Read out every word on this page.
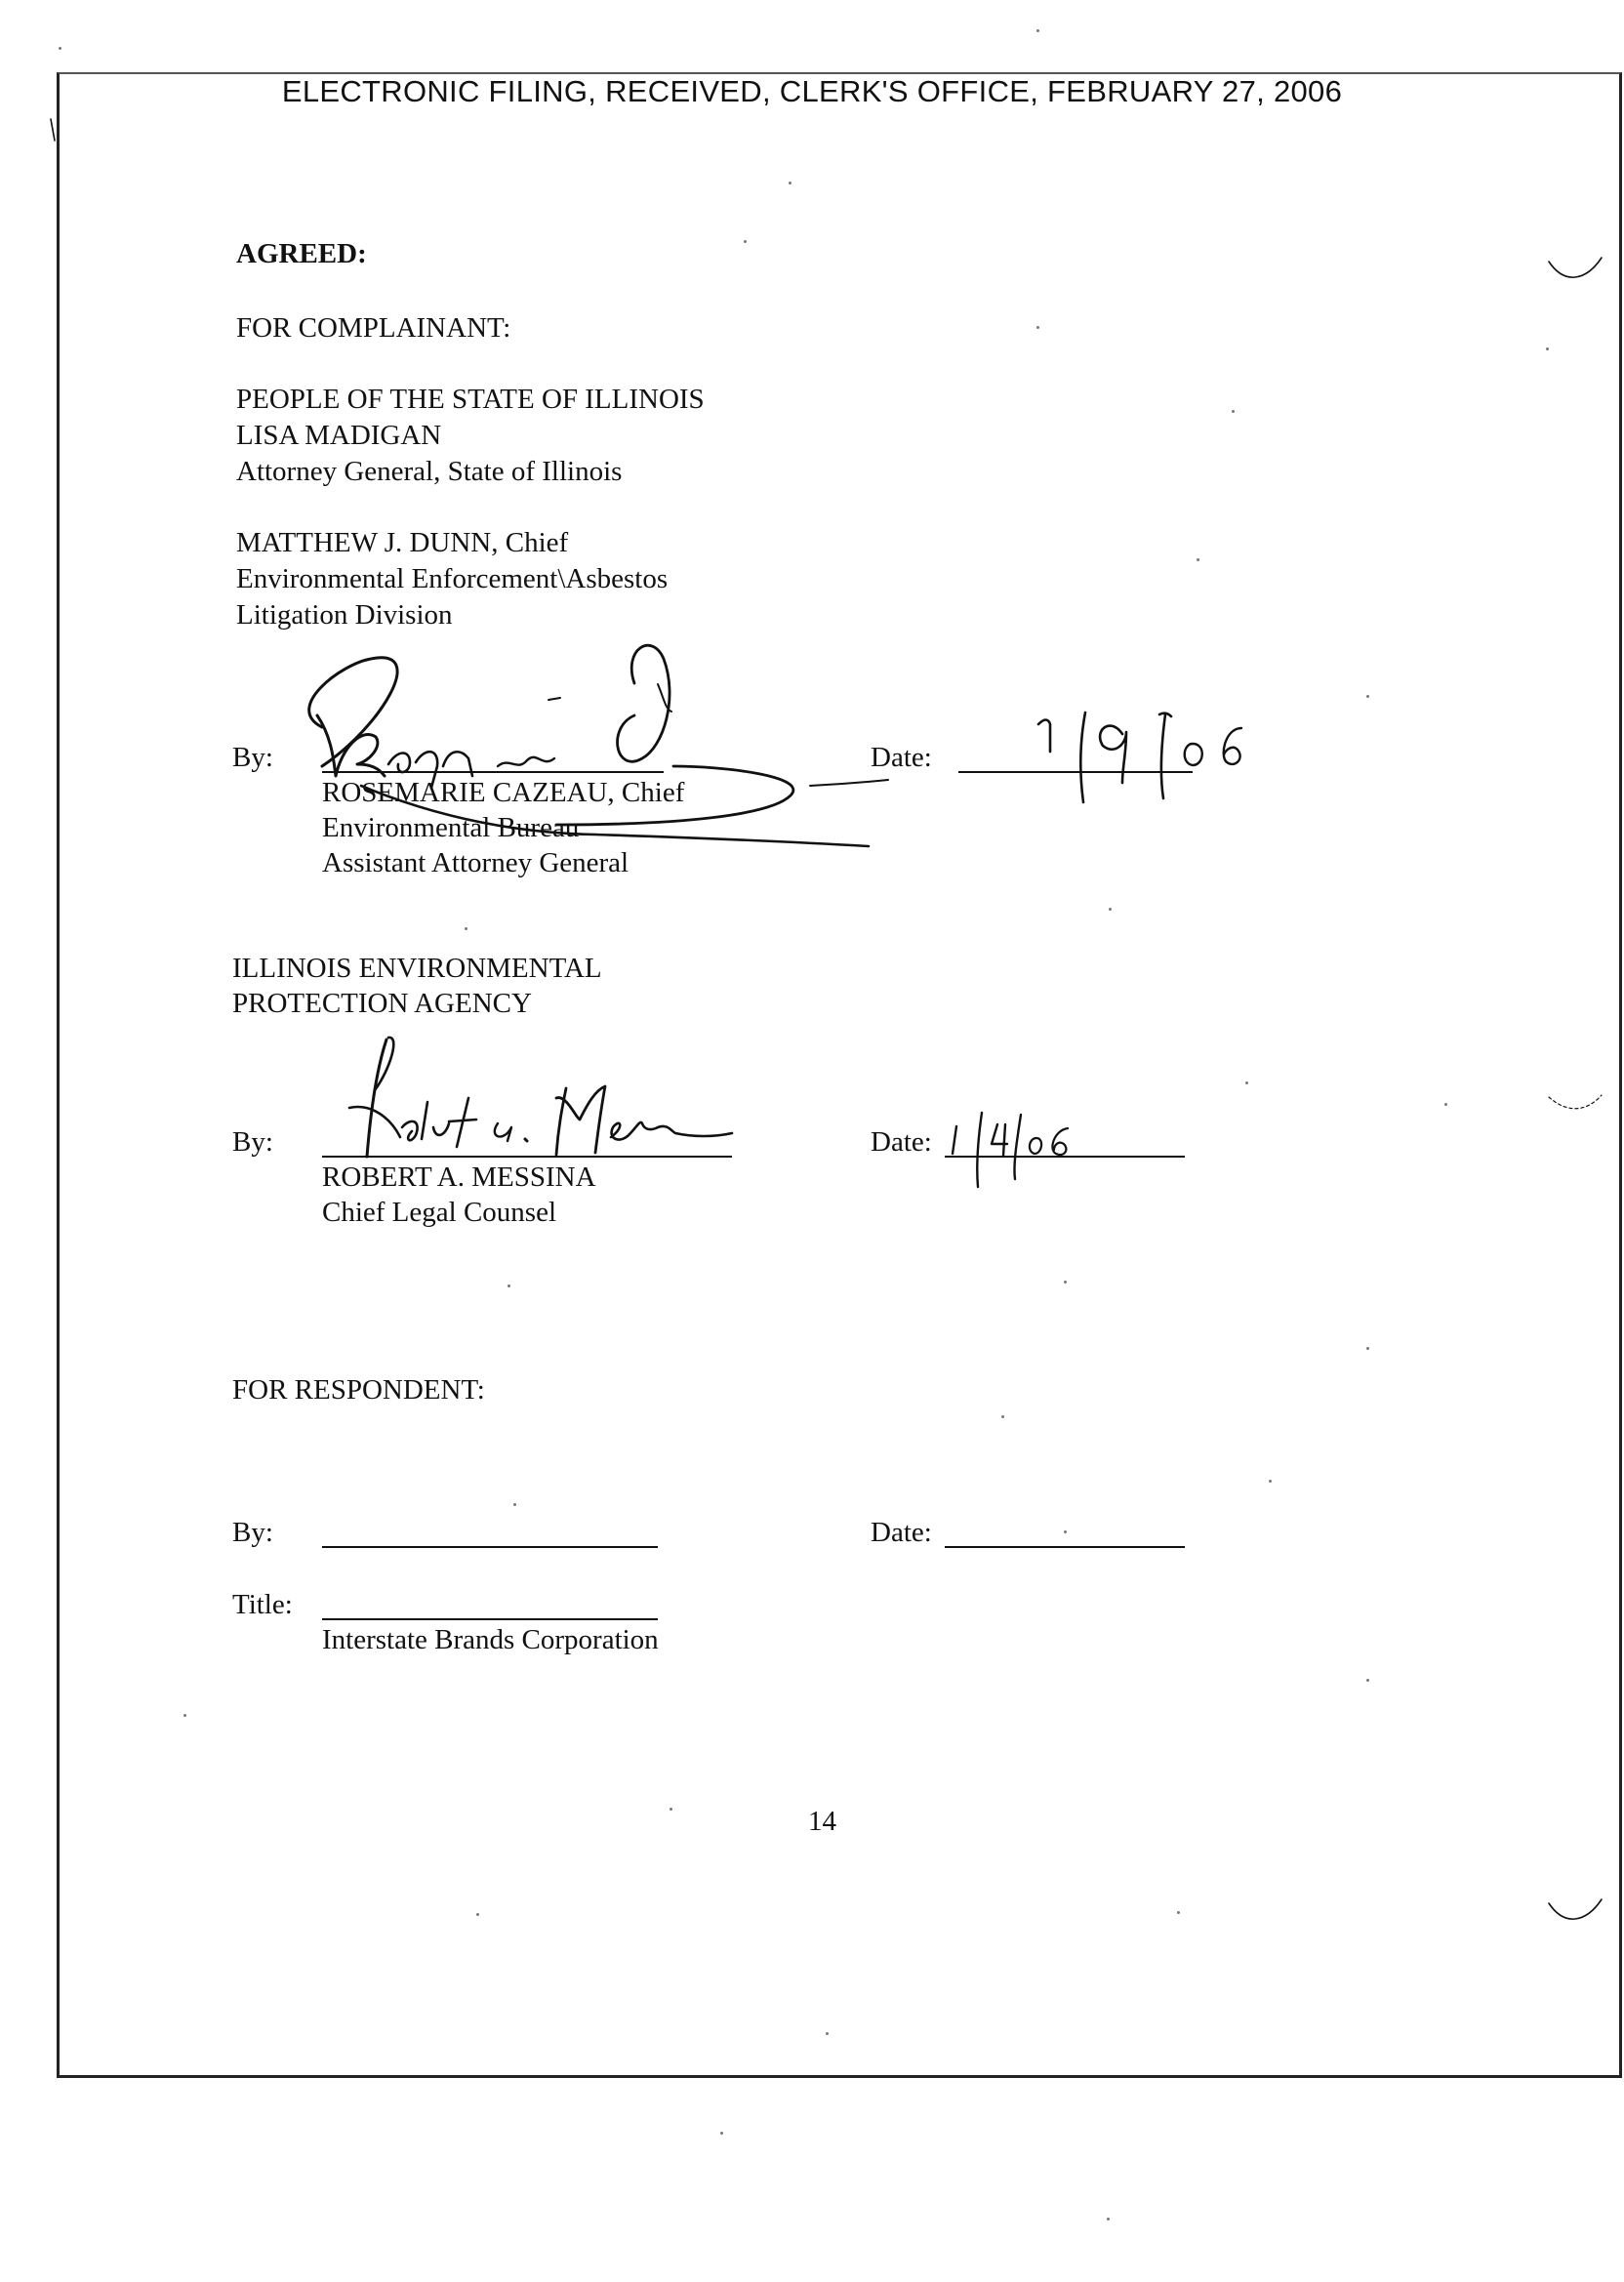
ELECTRONIC FILING, RECEIVED, CLERK'S OFFICE, FEBRUARY 27, 2006
AGREED:
FOR COMPLAINANT:
PEOPLE OF THE STATE OF ILLINOIS
LISA MADIGAN
Attorney General, State of Illinois
MATTHEW J. DUNN, Chief
Environmental Enforcement\Asbestos
Litigation Division
By:
ROSEMARIE CAZEAU, Chief
Environmental Bureau
Assistant Attorney General
Date:
ILLINOIS ENVIRONMENTAL
PROTECTION AGENCY
By:
ROBERT A. MESSINA
Chief Legal Counsel
Date:
FOR RESPONDENT:
By:	Date:
Title:
Interstate Brands Corporation
14
